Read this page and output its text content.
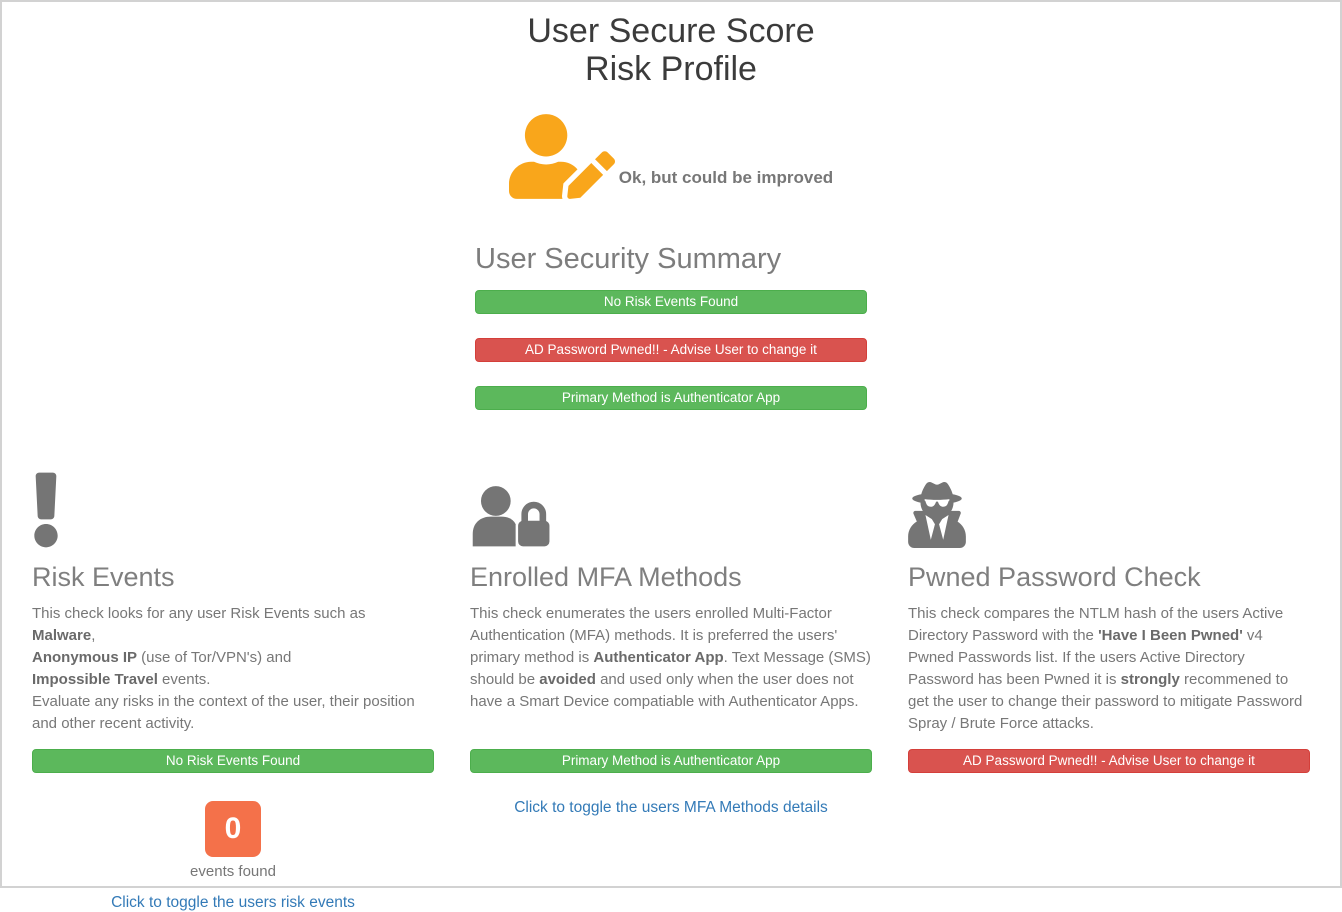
User Secure Score
Risk Profile

Ok, but could be improved

User Security Summary
No Risk Events Found
AD Password Pwned!! - Advise User to change it
Primary Method is Authenticator App
Risk Events

This check looks for any user Risk Events such as
Malware,
Anonymous IP (use of Tor/VPN's) and
Impossible Travel events.
Evaluate any risks in the context of the user, their position and other recent activity.

No Risk Events Found
0
events found
Click to toggle the users risk events
Enrolled MFA Methods

This check enumerates the users enrolled Multi-Factor Authentication (MFA) methods. It is preferred the users' primary method is Authenticator App. Text Message (SMS) should be avoided and used only when the user does not have a Smart Device compatiable with Authenticator Apps.

Primary Method is Authenticator App
Click to toggle the users MFA Methods details
Pwned Password Check

This check compares the NTLM hash of the users Active Directory Password with the 'Have I Been Pwned' v4 Pwned Passwords list. If the users Active Directory Password has been Pwned it is strongly recommened to get the user to change their password to mitigate Password Spray / Brute Force attacks.

AD Password Pwned!! - Advise User to change it
